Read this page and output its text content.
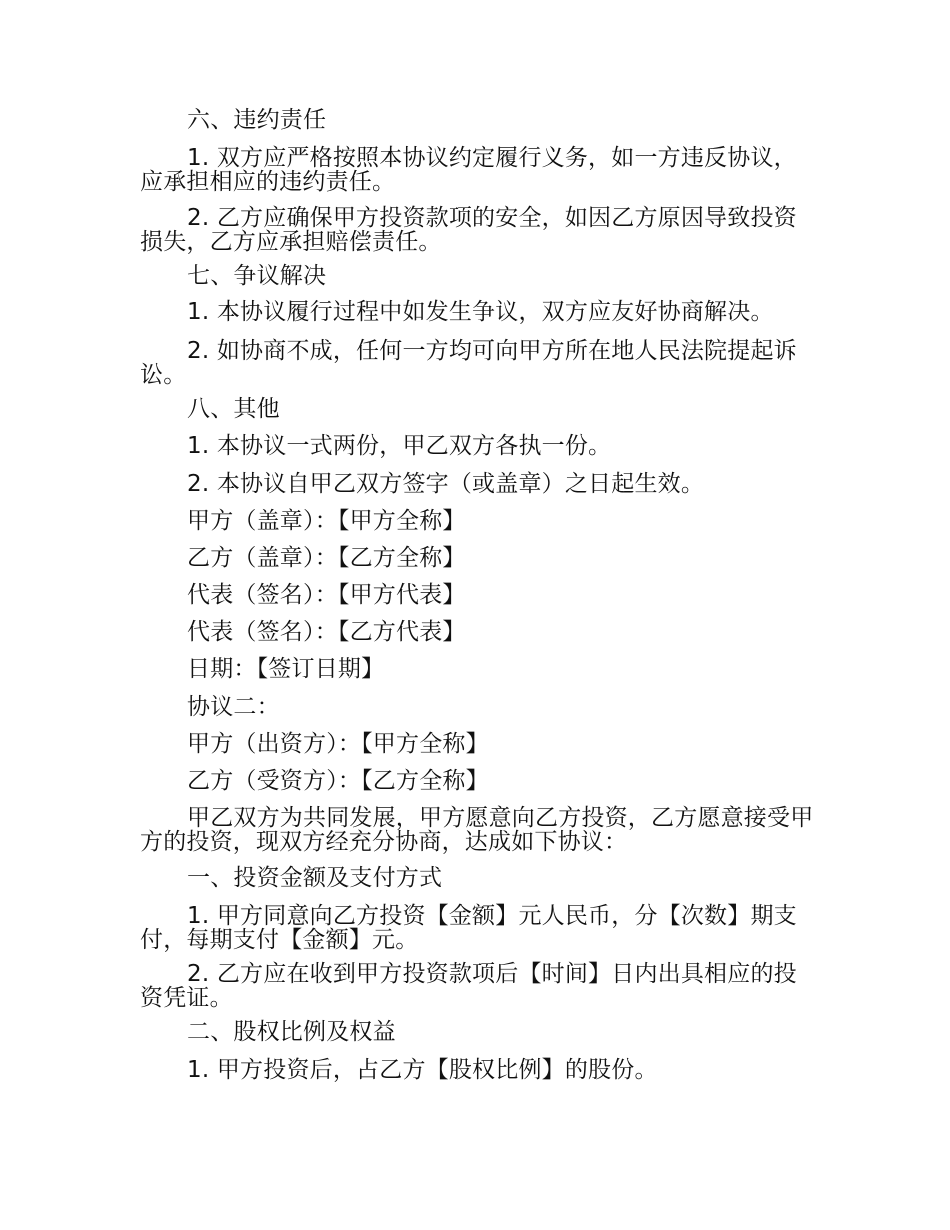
六、违约责任
1. 双方应严格按照本协议约定履行义务，如一方违反协议，应承担相应的违约责任。
2. 乙方应确保甲方投资款项的安全，如因乙方原因导致投资损失，乙方应承担赔偿责任。
七、争议解决
1. 本协议履行过程中如发生争议，双方应友好协商解决。
2. 如协商不成，任何一方均可向甲方所在地人民法院提起诉讼。
八、其他
1. 本协议一式两份，甲乙双方各执一份。
2. 本协议自甲乙双方签字（或盖章）之日起生效。
甲方（盖章）：【甲方全称】
乙方（盖章）：【乙方全称】
代表（签名）：【甲方代表】
代表（签名）：【乙方代表】
日期：【签订日期】
协议二：
甲方（出资方）：【甲方全称】
乙方（受资方）：【乙方全称】
甲乙双方为共同发展，甲方愿意向乙方投资，乙方愿意接受甲方的投资，现双方经充分协商，达成如下协议：
一、投资金额及支付方式
1. 甲方同意向乙方投资【金额】元人民币，分【次数】期支付，每期支付【金额】元。
2. 乙方应在收到甲方投资款项后【时间】日内出具相应的投资凭证。
二、股权比例及权益
1. 甲方投资后，占乙方【股权比例】的股份。
